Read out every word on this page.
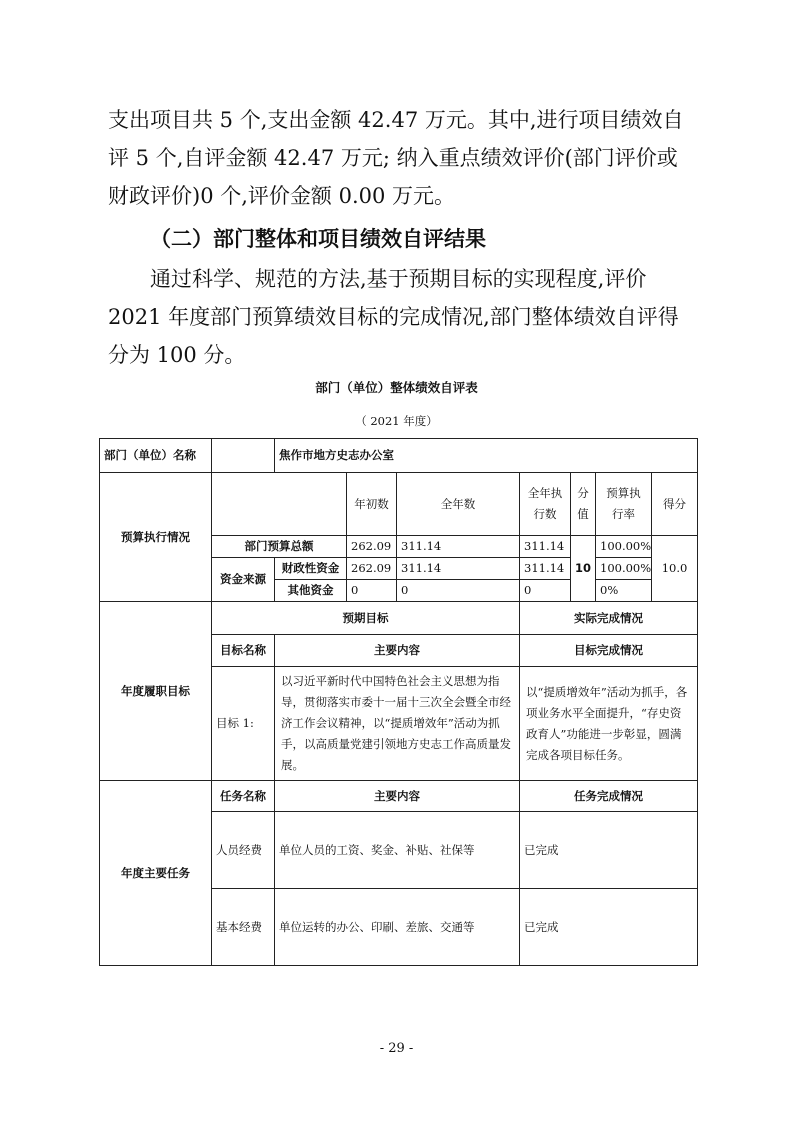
支出项目共 5 个,支出金额 42.47 万元。其中,进行项目绩效自

评 5 个,自评金额 42.47 万元; 纳入重点绩效评价(部门评价或

财政评价)0 个,评价金额 0.00 万元。

（二）部门整体和项目绩效自评结果

通过科学、规范的方法,基于预期目标的实现程度,评价

2021 年度部门预算绩效目标的完成情况,部门整体绩效自评得

分为 100 分。

部门（单位）整体绩效自评表
（ 2021 年度）
部门（单位）名称		焦作市地方史志办公室						
预算执行情况			年初数	全年数	全年执行数	分值	预算执行率	得分
	部门预算总额		262.09	311.14	311.14	10	100.00%	10.0
	资金来源	财政性资金	262.09	311.14	311.14		100.00%	
		其他资金	0	0	0		0%	
年度履职目标	预期目标				实际完成情况			
	目标名称	主要内容			目标完成情况			
	目标 1:	以习近平新时代中国特色社会主义思想为指导，贯彻落实市委十一届十三次全会暨全市经济工作会议精神，以“提质增效年”活动为抓手，以高质量党建引领地方史志工作高质量发展。			以“提质增效年”活动为抓手，各项业务水平全面提升，“存史资政育人”功能进一步彰显，圆满完成各项目标任务。			
年度主要任务	任务名称	主要内容			任务完成情况			
	人员经费	单位人员的工资、奖金、补贴、社保等			已完成			
	基本经费	单位运转的办公、印刷、差旅、交通等			已完成			
- 29 -
